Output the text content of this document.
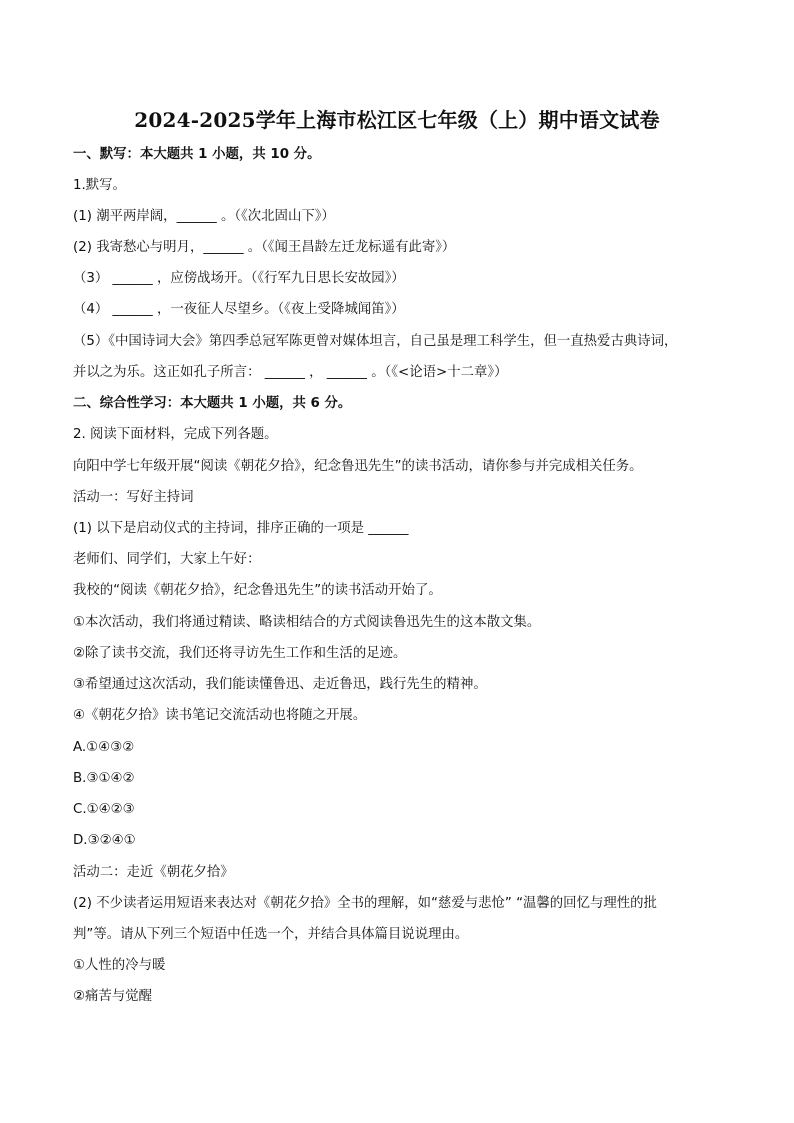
2024-2025学年上海市松江区七年级（上）期中语文试卷
一、默写：本大题共 1 小题，共 10 分。
1.默写。
(1) 潮平两岸阔，______ 。（《次北固山下》）
(2) 我寄愁心与明月，______ 。（《闻王昌龄左迁龙标遥有此寄》）
（3） ______ ，应傍战场开。（《行军九日思长安故园》）
（4） ______ ，一夜征人尽望乡。（《夜上受降城闻笛》）
（5）《中国诗词大会》第四季总冠军陈更曾对媒体坦言，自己虽是理工科学生，但一直热爱古典诗词，
并以之为乐。这正如孔子所言： ______ ， ______ 。（《<论语>十二章》）
二、综合性学习：本大题共 1 小题，共 6 分。
2. 阅读下面材料，完成下列各题。
向阳中学七年级开展“阅读《朝花夕拾》，纪念鲁迅先生”的读书活动，请你参与并完成相关任务。
活动一：写好主持词
(1) 以下是启动仪式的主持词，排序正确的一项是 ______
老师们、同学们，大家上午好：
我校的“阅读《朝花夕拾》，纪念鲁迅先生”的读书活动开始了。
①本次活动，我们将通过精读、略读相结合的方式阅读鲁迅先生的这本散文集。
②除了读书交流，我们还将寻访先生工作和生活的足迹。
③希望通过这次活动，我们能读懂鲁迅、走近鲁迅，践行先生的精神。
④《朝花夕拾》读书笔记交流活动也将随之开展。
A.①④③②
B.③①④②
C.①④②③
D.③②④①
活动二：走近《朝花夕拾》
(2) 不少读者运用短语来表达对《朝花夕拾》全书的理解，如“慈爱与悲怆” “温馨的回忆与理性的批
判”等。请从下列三个短语中任选一个，并结合具体篇目说说理由。
①人性的冷与暖
②痛苦与觉醒
